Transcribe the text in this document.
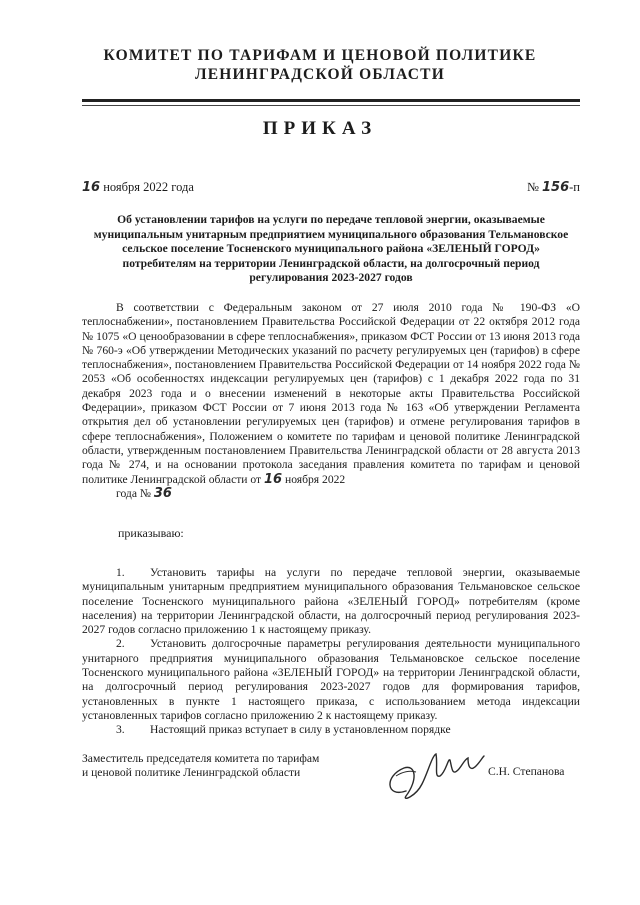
КОМИТЕТ ПО ТАРИФАМ И ЦЕНОВОЙ ПОЛИТИКЕ
ЛЕНИНГРАДСКОЙ ОБЛАСТИ
ПРИКАЗ
16 ноября 2022 года	№ 156-п
Об установлении тарифов на услуги по передаче тепловой энергии, оказываемые
муниципальным унитарным предприятием муниципального образования Тельмановское
сельское поселение Тосненского муниципального района «ЗЕЛЕНЫЙ ГОРОД»
потребителям на территории Ленинградской области, на долгосрочный период
регулирования 2023-2027 годов
В соответствии с Федеральным законом от 27 июля 2010 года № 190-ФЗ «О теплоснабжении», постановлением Правительства Российской Федерации от 22 октября 2012 года № 1075 «О ценообразовании в сфере теплоснабжения», приказом ФСТ России от 13 июня 2013 года № 760-э «Об утверждении Методических указаний по расчету регулируемых цен (тарифов) в сфере теплоснабжения», постановлением Правительства Российской Федерации от 14 ноября 2022 года № 2053 «Об особенностях индексации регулируемых цен (тарифов) с 1 декабря 2022 года по 31 декабря 2023 года и о внесении изменений в некоторые акты Правительства Российской Федерации», приказом ФСТ России от 7 июня 2013 года № 163 «Об утверждении Регламента открытия дел об установлении регулируемых цен (тарифов) и отмене регулирования тарифов в сфере теплоснабжения», Положением о комитете по тарифам и ценовой политике Ленинградской области, утвержденным постановлением Правительства Ленинградской области от 28 августа 2013 года № 274, и на основании протокола заседания правления комитета по тарифам и ценовой политике Ленинградской области от 16 ноября 2022
года № 36
приказываю:

1. Установить тарифы на услуги по передаче тепловой энергии, оказываемые муниципальным унитарным предприятием муниципального образования Тельмановское сельское поселение Тосненского муниципального района «ЗЕЛЕНЫЙ ГОРОД» потребителям (кроме населения) на территории Ленинградской области, на долгосрочный период регулирования 2023-2027 годов согласно приложению 1 к настоящему приказу.

2. Установить долгосрочные параметры регулирования деятельности муниципального унитарного предприятия муниципального образования Тельмановское сельское поселение Тосненского муниципального района «ЗЕЛЕНЫЙ ГОРОД» на территории Ленинградской области, на долгосрочный период регулирования 2023-2027 годов для формирования тарифов, установленных в пункте 1 настоящего приказа, с использованием метода индексации установленных тарифов согласно приложению 2 к настоящему приказу.

3. Настоящий приказ вступает в силу в установленном порядке

Заместитель председателя комитета по тарифам
и ценовой политике Ленинградской области	С.Н. Степанова
